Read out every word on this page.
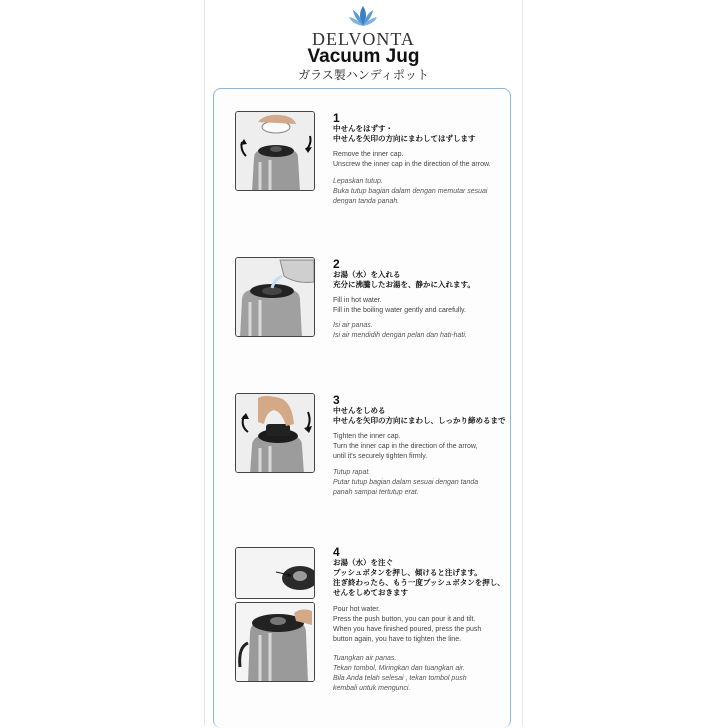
DELVONTA
Vacuum Jug
ガラス製ハンディポット
1
中せんをはずす・
中せんを矢印の方向にまわしてはずします
Remove the inner cap.
Unscrew the inner cap in the direction of the arrow.
Lepaskan tutup.
Buka tutup bagian dalam dengan memutar sesuai
dengan tanda panah.
2
お湯（水）を入れる
充分に沸騰したお湯を、静かに入れます。
Fill in hot water.
Fill in the boiling water gently and carefully.
Isi air panas.
Isi air mendidih dengan pelan dan hati-hati.
3
中せんをしめる
中せんを矢印の方向にまわし、しっかり締めるまで
Tighten the inner cap.
Turn the inner cap in the direction of the arrow,
until it's securely tighten firmly.
Tutup rapat.
Putar tutup bagian dalam sesuai dengan tanda
panah sampai tertutup erat.
4
お湯（水）を注ぐ
プッシュボタンを押し、傾けると注げます。
注ぎ終わったら、もう一度プッシュボタンを押し、
せんをしめておきます
Pour hot water.
Press the push button, you can pour it and tilt.
When you have finished poured, press the push
button again, you have to tighten the line.
Tuangkan air panas.
Tekan tombol, Miringkan dan tuangkan air.
Bila Anda telah selesai , tekan tombol push
kembali untuk mengunci.
